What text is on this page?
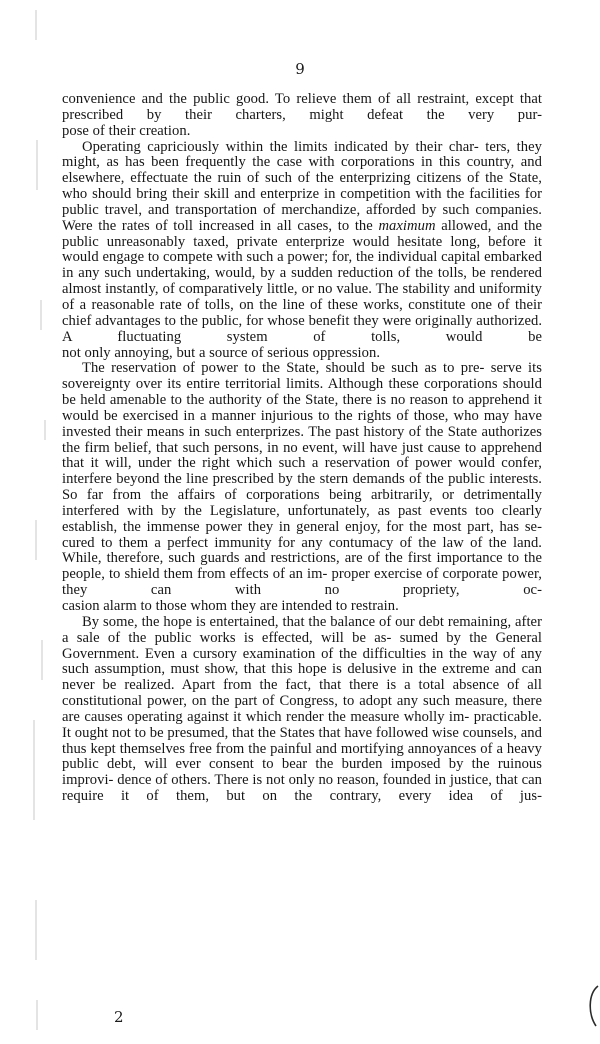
9

convenience and the public good. To relieve them of all restraint, except that prescribed by their charters, might defeat the very pur-

pose of their creation.

Operating capriciously within the limits indicated by their char- ters, they might, as has been frequently the case with corporations in this country, and elsewhere, effectuate the ruin of such of the enterprizing citizens of the State, who should bring their skill and enterprize in competition with the facilities for public travel, and transportation of merchandize, afforded by such companies. Were the rates of toll increased in all cases, to the maximum allowed, and the public unreasonably taxed, private enterprize would hesitate long, before it would engage to compete with such a power; for, the individual capital embarked in any such undertaking, would, by a sudden reduction of the tolls, be rendered almost instantly, of comparatively little, or no value. The stability and uniformity of a reasonable rate of tolls, on the line of these works, constitute one of their chief advantages to the public, for whose benefit they were originally authorized. A fluctuating system of tolls, would be

not only annoying, but a source of serious oppression.

The reservation of power to the State, should be such as to pre- serve its sovereignty over its entire territorial limits. Although these corporations should be held amenable to the authority of the State, there is no reason to apprehend it would be exercised in a manner injurious to the rights of those, who may have invested their means in such enterprizes. The past history of the State authorizes the firm belief, that such persons, in no event, will have just cause to apprehend that it will, under the right which such a reservation of power would confer, interfere beyond the line prescribed by the stern demands of the public interests. So far from the affairs of corporations being arbitrarily, or detrimentally interfered with by the Legislature, unfortunately, as past events too clearly establish, the immense power they in general enjoy, for the most part, has se- cured to them a perfect immunity for any contumacy of the law of the land. While, therefore, such guards and restrictions, are of the first importance to the people, to shield them from effects of an im- proper exercise of corporate power, they can with no propriety, oc-

casion alarm to those whom they are intended to restrain.

By some, the hope is entertained, that the balance of our debt remaining, after a sale of the public works is effected, will be as- sumed by the General Government. Even a cursory examination of the difficulties in the way of any such assumption, must show, that this hope is delusive in the extreme and can never be realized. Apart from the fact, that there is a total absence of all constitutional power, on the part of Congress, to adopt any such measure, there are causes operating against it which render the measure wholly im- practicable. It ought not to be presumed, that the States that have followed wise counsels, and thus kept themselves free from the painful and mortifying annoyances of a heavy public debt, will ever consent to bear the burden imposed by the ruinous improvi- dence of others. There is not only no reason, founded in justice, that can require it of them, but on the contrary, every idea of jus-

2
